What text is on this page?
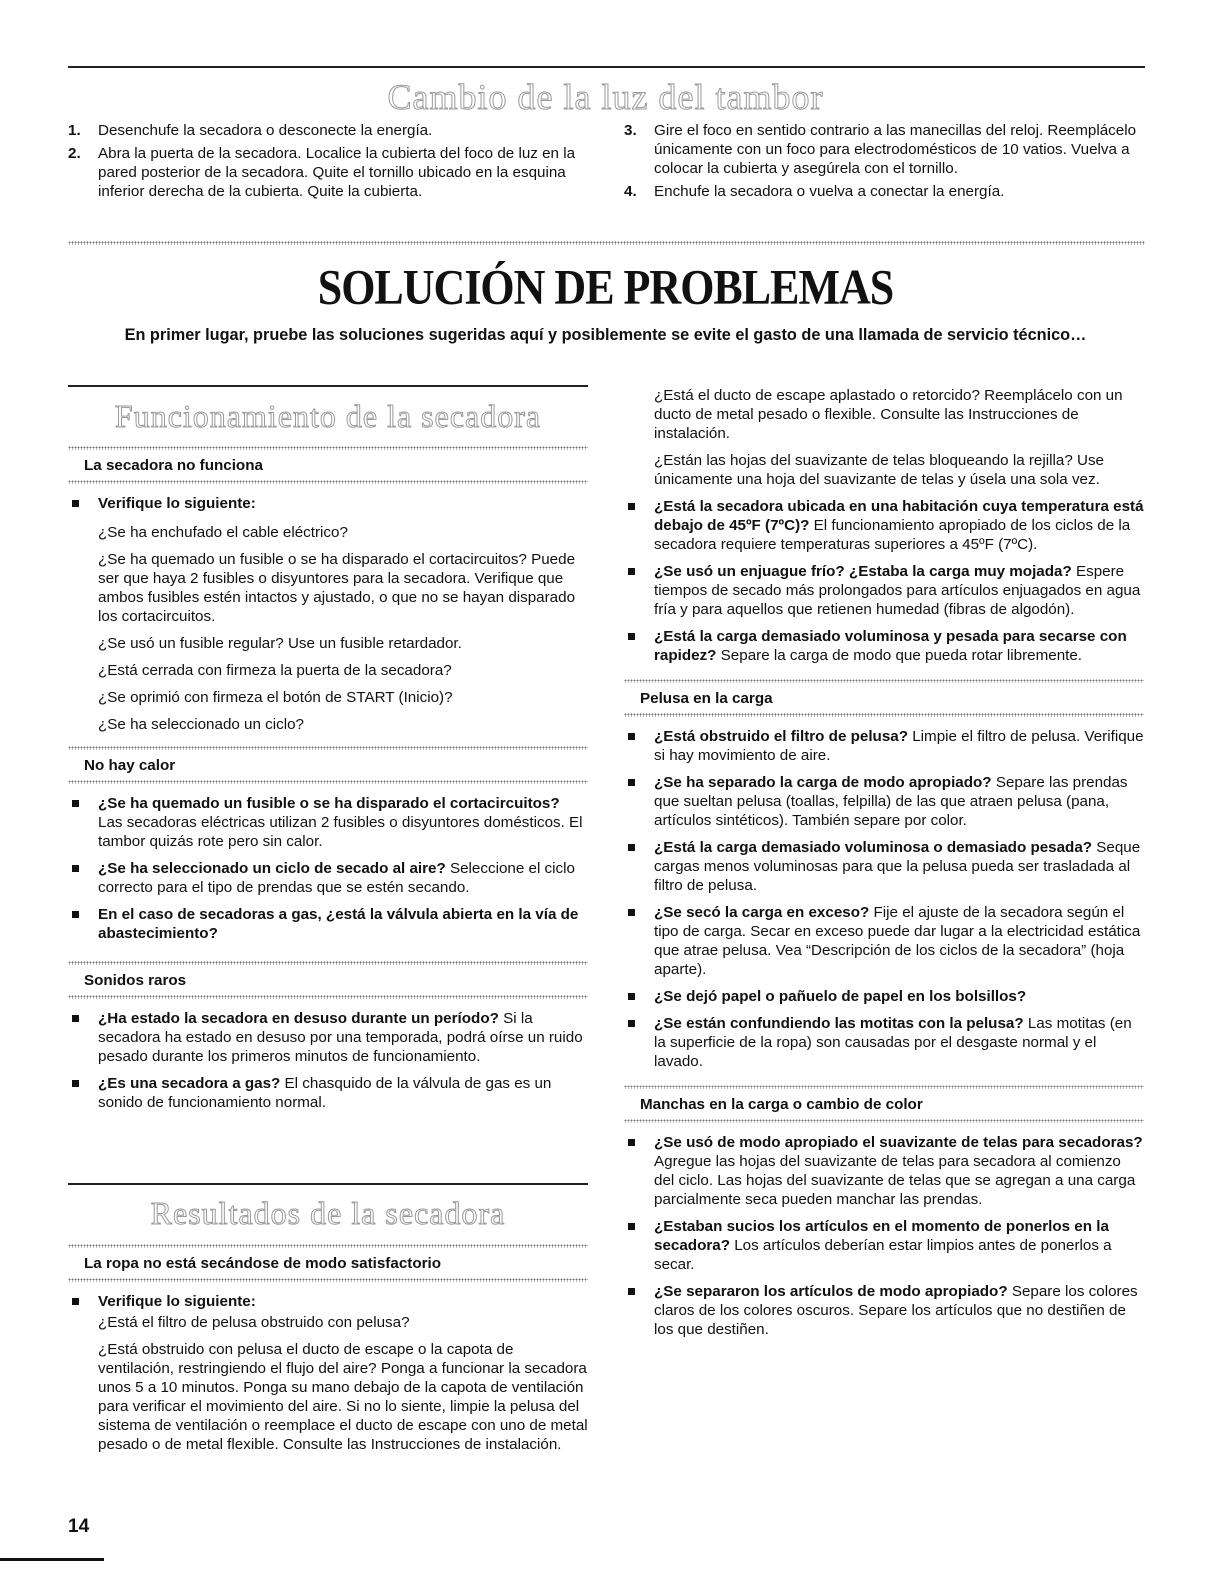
Cambio de la luz del tambor
1. Desenchufe la secadora o desconecte la energía.
2. Abra la puerta de la secadora. Localice la cubierta del foco de luz en la pared posterior de la secadora. Quite el tornillo ubicado en la esquina inferior derecha de la cubierta. Quite la cubierta.
3. Gire el foco en sentido contrario a las manecillas del reloj. Reemplácelo únicamente con un foco para electrodomésticos de 10 vatios. Vuelva a colocar la cubierta y asegúrela con el tornillo.
4. Enchufe la secadora o vuelva a conectar la energía.
SOLUCIÓN DE PROBLEMAS
En primer lugar, pruebe las soluciones sugeridas aquí y posiblemente se evite el gasto de una llamada de servicio técnico…
Funcionamiento de la secadora
La secadora no funciona

Verifique lo siguiente:

¿Se ha enchufado el cable eléctrico?

¿Se ha quemado un fusible o se ha disparado el cortacircuitos? Puede ser que haya 2 fusibles o disyuntores para la secadora. Verifique que ambos fusibles estén intactos y ajustado, o que no se hayan disparado los cortacircuitos.

¿Se usó un fusible regular? Use un fusible retardador.

¿Está cerrada con firmeza la puerta de la secadora?

¿Se oprimió con firmeza el botón de START (Inicio)?

¿Se ha seleccionado un ciclo?

No hay calor

¿Se ha quemado un fusible o se ha disparado el cortacircuitos? Las secadoras eléctricas utilizan 2 fusibles o disyuntores domésticos. El tambor quizás rote pero sin calor.

¿Se ha seleccionado un ciclo de secado al aire? Seleccione el ciclo correcto para el tipo de prendas que se estén secando.

En el caso de secadoras a gas, ¿está la válvula abierta en la vía de abastecimiento?

Sonidos raros

¿Ha estado la secadora en desuso durante un período? Si la secadora ha estado en desuso por una temporada, podrá oírse un ruido pesado durante los primeros minutos de funcionamiento.

¿Es una secadora a gas? El chasquido de la válvula de gas es un sonido de funcionamiento normal.

Resultados de la secadora
La ropa no está secándose de modo satisfactorio

Verifique lo siguiente:

¿Está el filtro de pelusa obstruido con pelusa?

¿Está obstruido con pelusa el ducto de escape o la capota de ventilación, restringiendo el flujo del aire? Ponga a funcionar la secadora unos 5 a 10 minutos. Ponga su mano debajo de la capota de ventilación para verificar el movimiento del aire. Si no lo siente, limpie la pelusa del sistema de ventilación o reemplace el ducto de escape con uno de metal pesado o de metal flexible. Consulte las Instrucciones de instalación.

¿Está el ducto de escape aplastado o retorcido? Reemplácelo con un ducto de metal pesado o flexible. Consulte las Instrucciones de instalación.

¿Están las hojas del suavizante de telas bloqueando la rejilla? Use únicamente una hoja del suavizante de telas y úsela una sola vez.

¿Está la secadora ubicada en una habitación cuya temperatura está debajo de 45ºF (7ºC)? El funcionamiento apropiado de los ciclos de la secadora requiere temperaturas superiores a 45ºF (7ºC).

¿Se usó un enjuague frío? ¿Estaba la carga muy mojada? Espere tiempos de secado más prolongados para artículos enjuagados en agua fría y para aquellos que retienen humedad (fibras de algodón).

¿Está la carga demasiado voluminosa y pesada para secarse con rapidez? Separe la carga de modo que pueda rotar libremente.

Pelusa en la carga

¿Está obstruido el filtro de pelusa? Limpie el filtro de pelusa. Verifique si hay movimiento de aire.

¿Se ha separado la carga de modo apropiado? Separe las prendas que sueltan pelusa (toallas, felpilla) de las que atraen pelusa (pana, artículos sintéticos). También separe por color.

¿Está la carga demasiado voluminosa o demasiado pesada? Seque cargas menos voluminosas para que la pelusa pueda ser trasladada al filtro de pelusa.

¿Se secó la carga en exceso? Fije el ajuste de la secadora según el tipo de carga. Secar en exceso puede dar lugar a la electricidad estática que atrae pelusa. Vea “Descripción de los ciclos de la secadora” (hoja aparte).

¿Se dejó papel o pañuelo de papel en los bolsillos?

¿Se están confundiendo las motitas con la pelusa? Las motitas (en la superficie de la ropa) son causadas por el desgaste normal y el lavado.

Manchas en la carga o cambio de color

¿Se usó de modo apropiado el suavizante de telas para secadoras? Agregue las hojas del suavizante de telas para secadora al comienzo del ciclo. Las hojas del suavizante de telas que se agregan a una carga parcialmente seca pueden manchar las prendas.

¿Estaban sucios los artículos en el momento de ponerlos en la secadora? Los artículos deberían estar limpios antes de ponerlos a secar.

¿Se separaron los artículos de modo apropiado? Separe los colores claros de los colores oscuros. Separe los artículos que no destiñen de los que destiñen.

14
